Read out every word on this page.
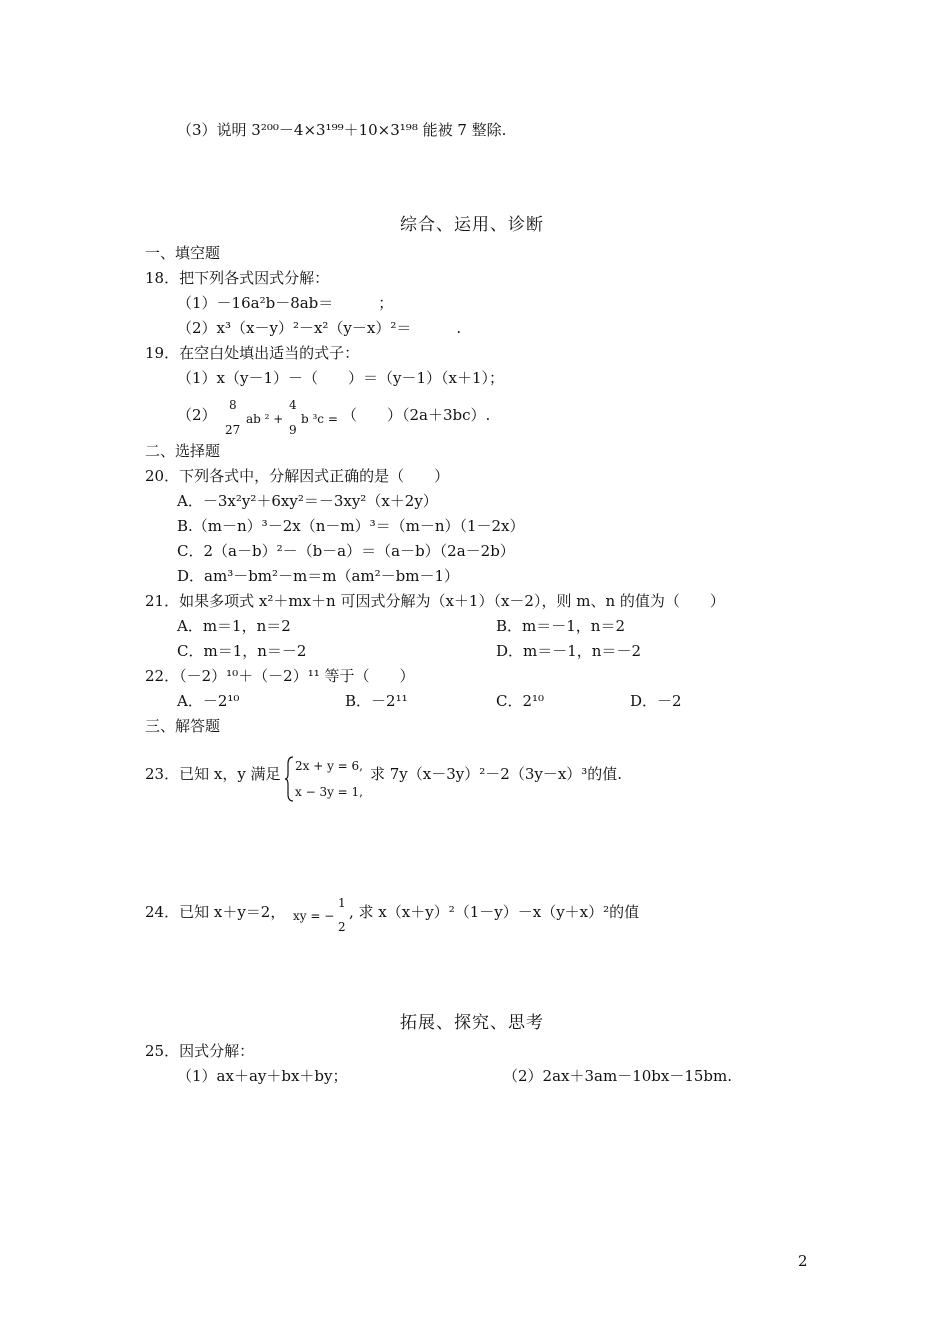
（3）说明 3²⁰⁰－4×3¹⁹⁹＋10×3¹⁹⁸ 能被 7 整除.
综合、运用、诊断
一、填空题
18．把下列各式因式分解：
（1）－16a²b－8ab＝　　　；
（2）x³（x－y）²－x²（y－x）²＝　　　.
19．在空白处填出适当的式子：
（1）x（y－1）－（　　）＝（y－1）（x＋1）；
（2）
8
27
ab ² +
4
9
b ³c = （　　）（2a＋3bc）.
二、选择题
20．下列各式中，分解因式正确的是（　　）
A．－3x²y²＋6xy²＝－3xy²（x＋2y）
B.（m－n）³－2x（n－m）³＝（m－n）（1－2x）
C．2（a－b）²－（b－a）＝（a－b）（2a－2b）
D．am³－bm²－m＝m（am²－bm－1）
21．如果多项式 x²＋mx＋n 可因式分解为（x＋1）（x－2），则 m、n 的值为（　　）
A．m＝1，n＝2	B．m＝－1，n＝2
C．m＝1，n＝－2	D．m＝－1，n＝－2
22．（－2）¹⁰＋（－2）¹¹ 等于（　　）
A．－2¹⁰	B．－2¹¹	C．2¹⁰	D．－2
三、解答题
23．已知 x，y 满足 2x + y = 6,
x − 3y = 1,
求 7y（x－3y）²－2（3y－x）³的值.
24．已知 x＋y＝2， xy = −
1
2
, 求 x（x＋y）²（1－y）－x（y＋x）²的值
拓展、探究、思考
25．因式分解：
（1）ax＋ay＋bx＋by；	（2）2ax＋3am－10bx－15bm.
2
